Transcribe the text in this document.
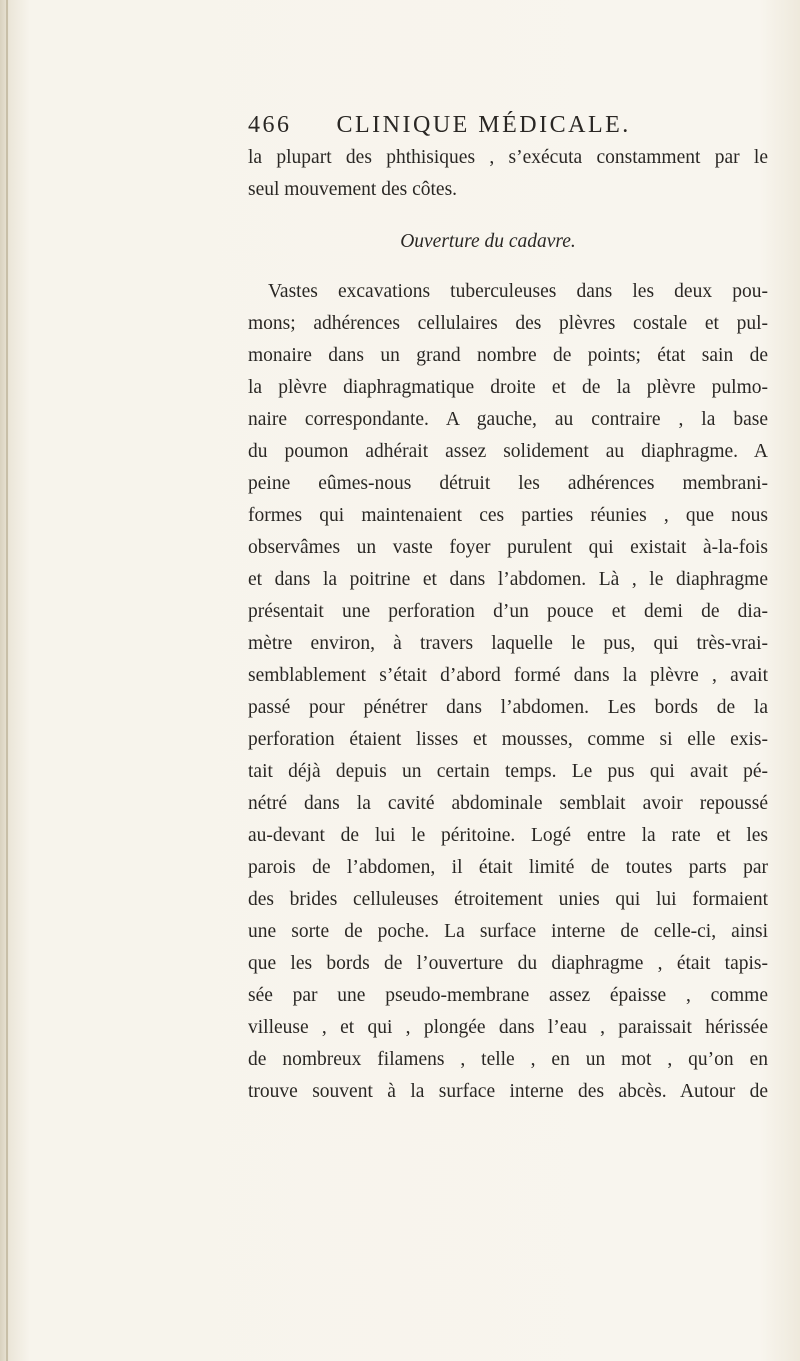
466 CLINIQUE MÉDICALE.
la plupart des phthisiques , s’exécuta constamment par le
seul mouvement des côtes.
Ouverture du cadavre.
Vastes excavations tuberculeuses dans les deux pou-
mons; adhérences cellulaires des plèvres costale et pul-
monaire dans un grand nombre de points; état sain de
la plèvre diaphragmatique droite et de la plèvre pulmo-
naire correspondante. A gauche, au contraire , la base
du poumon adhérait assez solidement au diaphragme. A
peine eûmes-nous détruit les adhérences membrani-
formes qui maintenaient ces parties réunies , que nous
observâmes un vaste foyer purulent qui existait à-la-fois
et dans la poitrine et dans l’abdomen. Là , le diaphragme
présentait une perforation d’un pouce et demi de dia-
mètre environ, à travers laquelle le pus, qui très-vrai-
semblablement s’était d’abord formé dans la plèvre , avait
passé pour pénétrer dans l’abdomen. Les bords de la
perforation étaient lisses et mousses, comme si elle exis-
tait déjà depuis un certain temps. Le pus qui avait pé-
nétré dans la cavité abdominale semblait avoir repoussé
au-devant de lui le péritoine. Logé entre la rate et les
parois de l’abdomen, il était limité de toutes parts par
des brides celluleuses étroitement unies qui lui formaient
une sorte de poche. La surface interne de celle-ci, ainsi
que les bords de l’ouverture du diaphragme , était tapis-
sée par une pseudo-membrane assez épaisse , comme
villeuse , et qui , plongée dans l’eau , paraissait hérissée
de nombreux filamens , telle , en un mot , qu’on en
trouve souvent à la surface interne des abcès. Autour de
